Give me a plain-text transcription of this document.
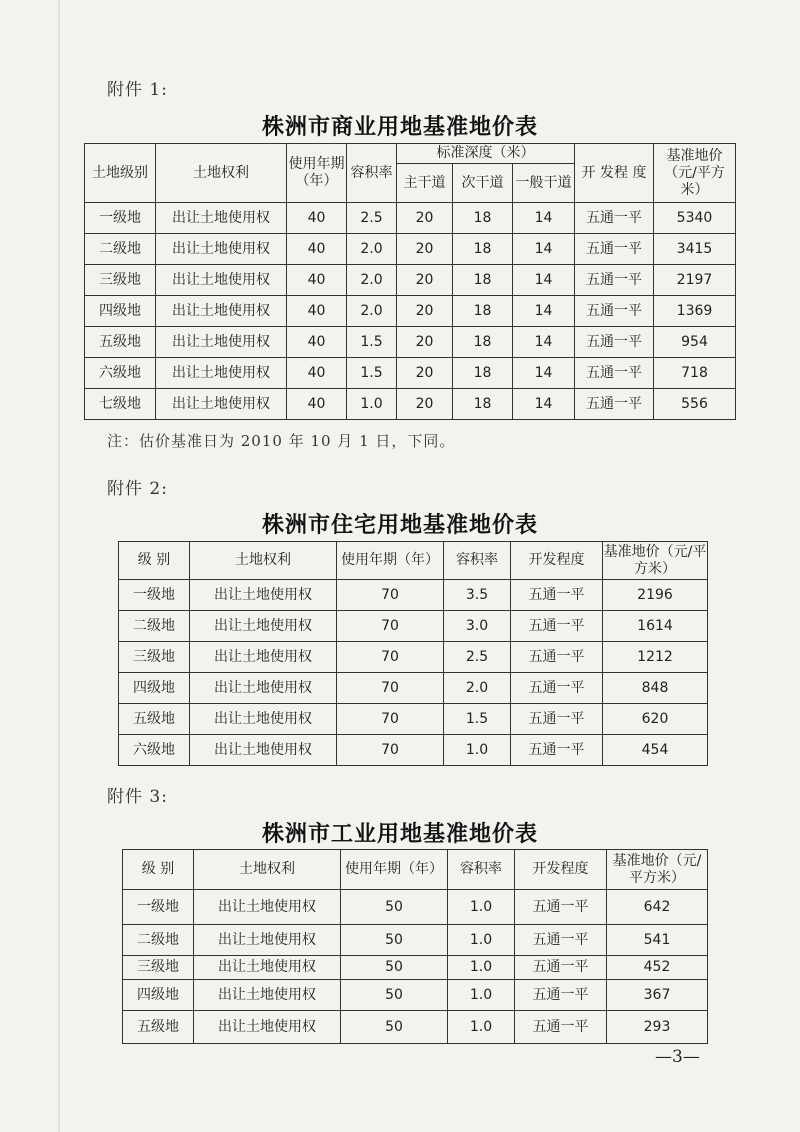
附件 1:
株洲市商业用地基准地价表
土地级别	土地权利	使用年期（年）	容积率	标准深度（米）			开 发程 度	基准地价（元/平方米）
				主干道	次干道	一般干道		
一级地	出让土地使用权	40	2.5	20	18	14	五通一平	5340
二级地	出让土地使用权	40	2.0	20	18	14	五通一平	3415
三级地	出让土地使用权	40	2.0	20	18	14	五通一平	2197
四级地	出让土地使用权	40	2.0	20	18	14	五通一平	1369
五级地	出让土地使用权	40	1.5	20	18	14	五通一平	954
六级地	出让土地使用权	40	1.5	20	18	14	五通一平	718
七级地	出让土地使用权	40	1.0	20	18	14	五通一平	556
注：估价基准日为 2010 年 10 月 1 日，下同。
附件 2:
株洲市住宅用地基准地价表
级 别	土地权利	使用年期（年）	容积率	开发程度	基准地价（元/平方米）
一级地	出让土地使用权	70	3.5	五通一平	2196
二级地	出让土地使用权	70	3.0	五通一平	1614
三级地	出让土地使用权	70	2.5	五通一平	1212
四级地	出让土地使用权	70	2.0	五通一平	848
五级地	出让土地使用权	70	1.5	五通一平	620
六级地	出让土地使用权	70	1.0	五通一平	454
附件 3:
株洲市工业用地基准地价表
级 别	土地权利	使用年期（年）	容积率	开发程度	基准地价（元/平方米）
一级地	出让土地使用权	50	1.0	五通一平	642
二级地	出让土地使用权	50	1.0	五通一平	541
三级地	出让土地使用权	50	1.0	五通一平	452
四级地	出让土地使用权	50	1.0	五通一平	367
五级地	出让土地使用权	50	1.0	五通一平	293
—3—
